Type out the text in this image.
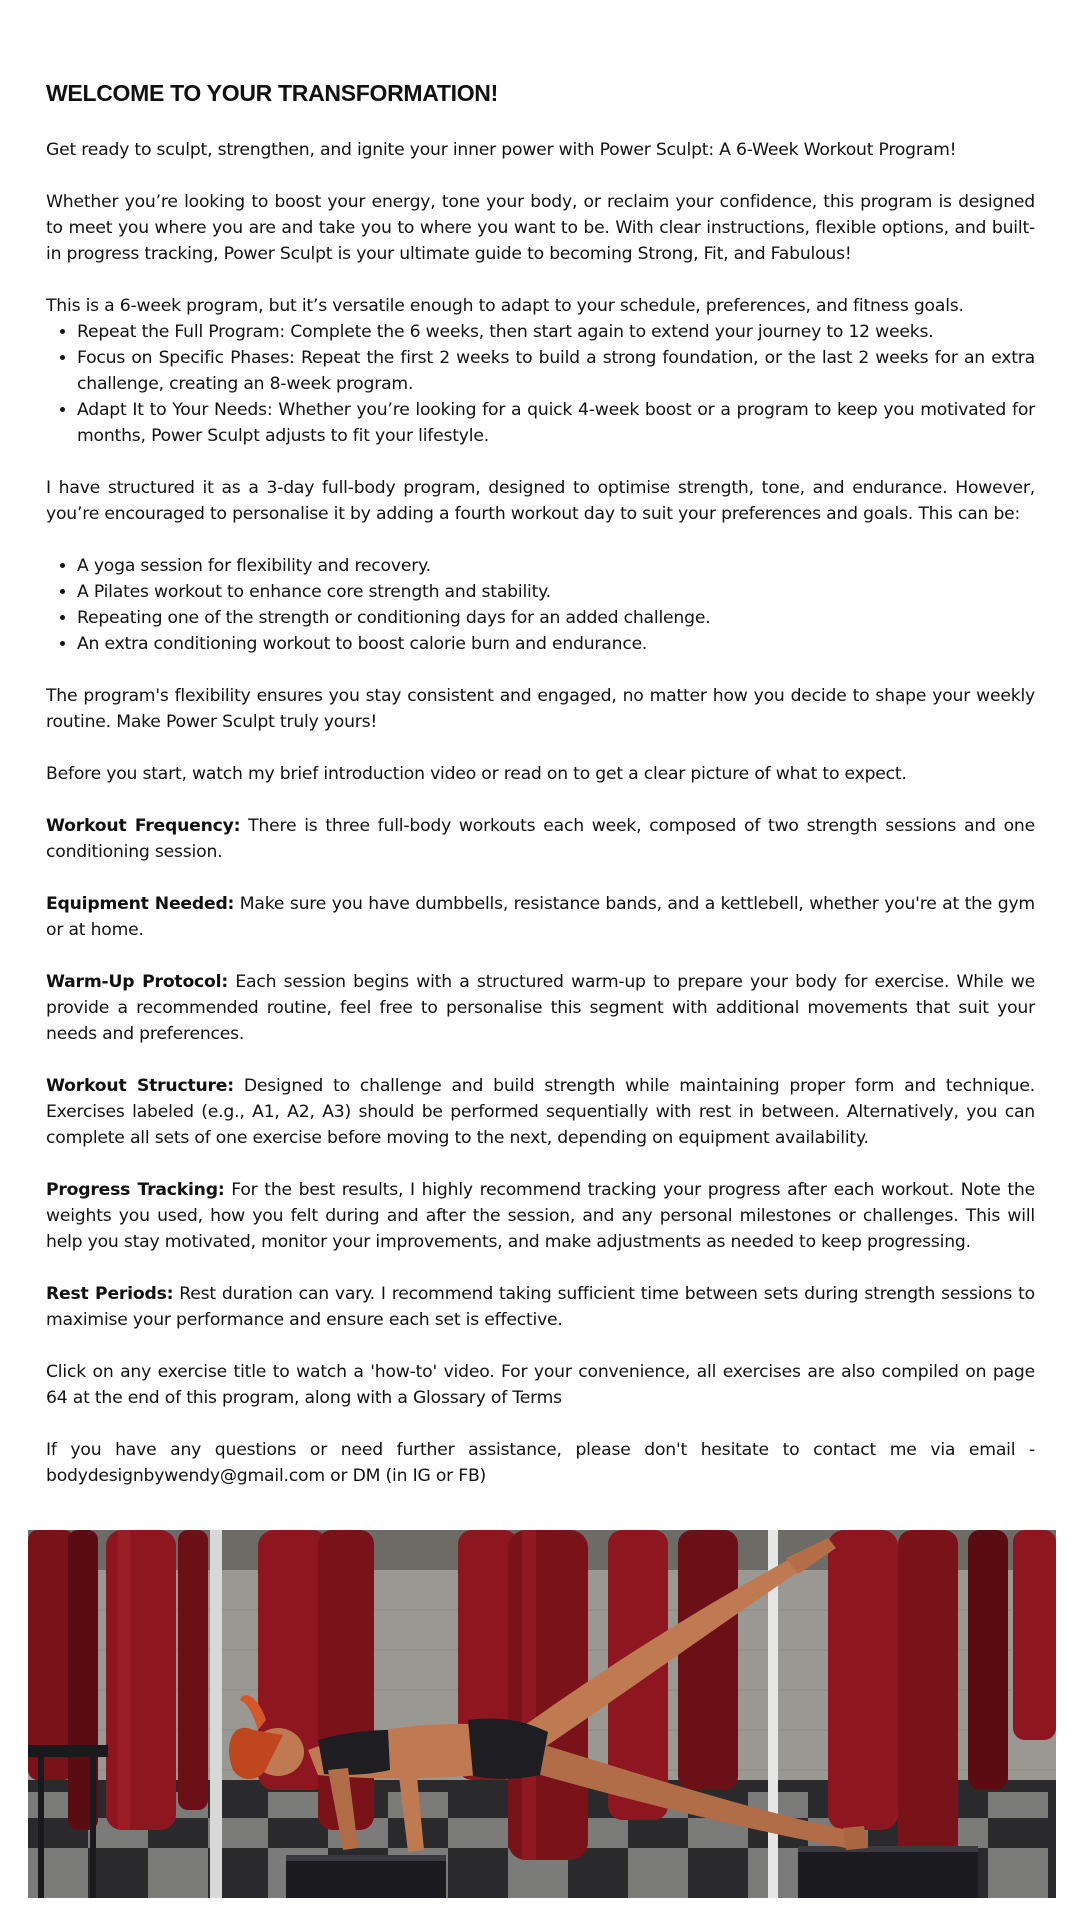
WELCOME TO YOUR TRANSFORMATION!

Get ready to sculpt, strengthen, and ignite your inner power with Power Sculpt: A 6-Week Workout Program!

Whether you’re looking to boost your energy, tone your body, or reclaim your confidence, this program is designed to meet you where you are and take you to where you want to be. With clear instructions, flexible options, and built-in progress tracking, Power Sculpt is your ultimate guide to becoming Strong, Fit, and Fabulous!

This is a 6-week program, but it’s versatile enough to adapt to your schedule, preferences, and fitness goals.

• Repeat the Full Program: Complete the 6 weeks, then start again to extend your journey to 12 weeks.
• Focus on Specific Phases: Repeat the first 2 weeks to build a strong foundation, or the last 2 weeks for an extra challenge, creating an 8-week program.
• Adapt It to Your Needs: Whether you’re looking for a quick 4-week boost or a program to keep you motivated for months, Power Sculpt adjusts to fit your lifestyle.

I have structured it as a 3-day full-body program, designed to optimise strength, tone, and endurance. However, you’re encouraged to personalise it by adding a fourth workout day to suit your preferences and goals. This can be:

• A yoga session for flexibility and recovery.
• A Pilates workout to enhance core strength and stability.
• Repeating one of the strength or conditioning days for an added challenge.
• An extra conditioning workout to boost calorie burn and endurance.

The program's flexibility ensures you stay consistent and engaged, no matter how you decide to shape your weekly routine. Make Power Sculpt truly yours!

Before you start, watch my brief introduction video or read on to get a clear picture of what to expect.

Workout Frequency: There is three full-body workouts each week, composed of two strength sessions and one conditioning session.

Equipment Needed: Make sure you have dumbbells, resistance bands, and a kettlebell, whether you're at the gym or at home.

Warm-Up Protocol: Each session begins with a structured warm-up to prepare your body for exercise. While we provide a recommended routine, feel free to personalise this segment with additional movements that suit your needs and preferences.

Workout Structure: Designed to challenge and build strength while maintaining proper form and technique. Exercises labeled (e.g., A1, A2, A3) should be performed sequentially with rest in between. Alternatively, you can complete all sets of one exercise before moving to the next, depending on equipment availability.

Progress Tracking: For the best results, I highly recommend tracking your progress after each workout. Note the weights you used, how you felt during and after the session, and any personal milestones or challenges. This will help you stay motivated, monitor your improvements, and make adjustments as needed to keep progressing.

Rest Periods: Rest duration can vary. I recommend taking sufficient time between sets during strength sessions to maximise your performance and ensure each set is effective.

Click on any exercise title to watch a 'how-to' video. For your convenience, all exercises are also compiled on page 64 at the end of this program, along with a Glossary of Terms

If you have any questions or need further assistance, please don't hesitate to contact me via email - bodydesignbywendy@gmail.com or DM (in IG or FB)
